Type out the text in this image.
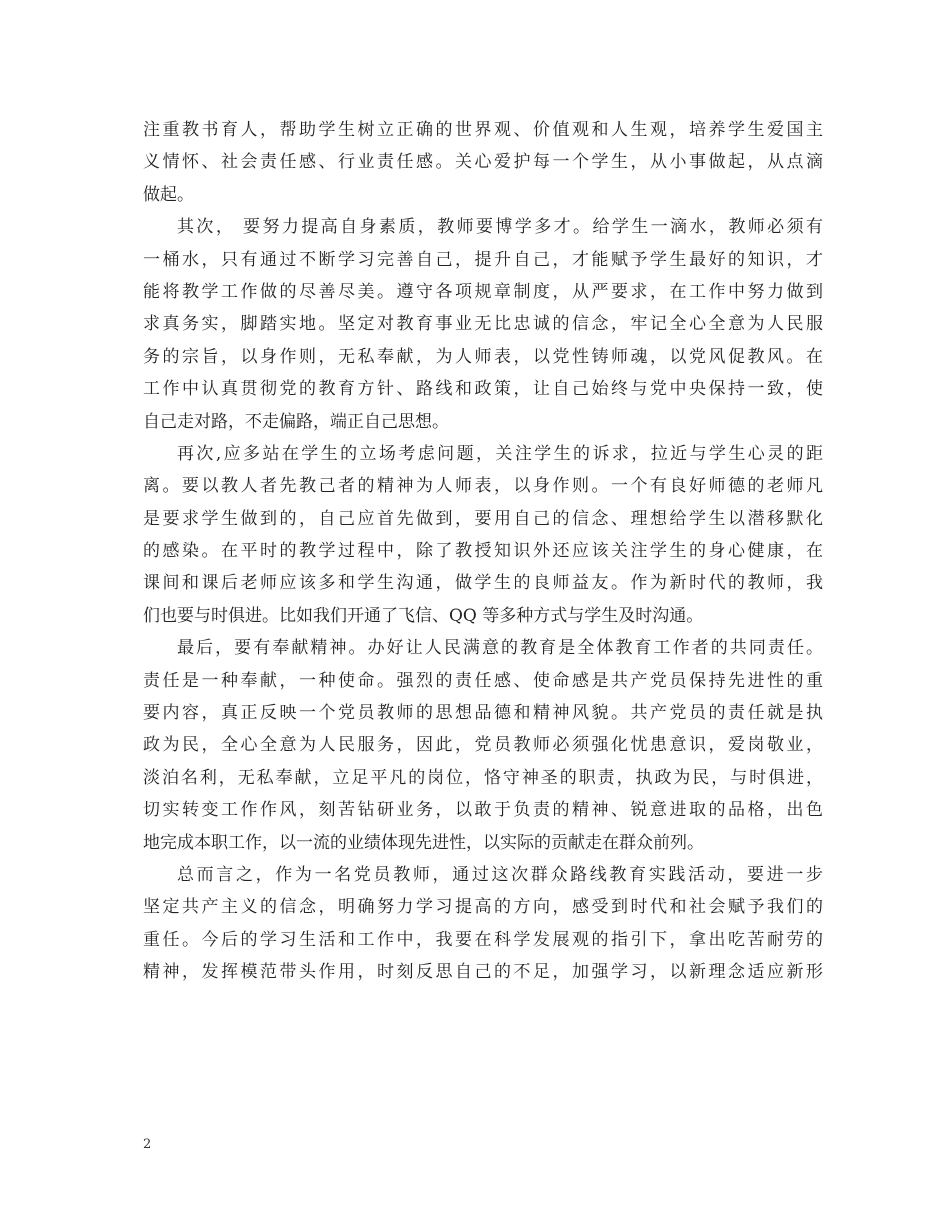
注重教书育人，帮助学生树立正确的世界观、价值观和人生观，培养学生爱国主
义情怀、社会责任感、行业责任感。关心爱护每一个学生，从小事做起，从点滴
做起。
其次， 要努力提高自身素质，教师要博学多才。给学生一滴水，教师必须有
一桶水，只有通过不断学习完善自己，提升自己，才能赋予学生最好的知识，才
能将教学工作做的尽善尽美。遵守各项规章制度，从严要求，在工作中努力做到
求真务实，脚踏实地。坚定对教育事业无比忠诚的信念，牢记全心全意为人民服
务的宗旨，以身作则，无私奉献，为人师表，以党性铸师魂，以党风促教风。在
工作中认真贯彻党的教育方针、路线和政策，让自己始终与党中央保持一致，使
自己走对路，不走偏路，端正自己思想。
再次,应多站在学生的立场考虑问题，关注学生的诉求，拉近与学生心灵的距
离。要以教人者先教己者的精神为人师表，以身作则。一个有良好师德的老师凡
是要求学生做到的，自己应首先做到，要用自己的信念、理想给学生以潜移默化
的感染。在平时的教学过程中，除了教授知识外还应该关注学生的身心健康，在
课间和课后老师应该多和学生沟通，做学生的良师益友。作为新时代的教师，我
们也要与时俱进。比如我们开通了飞信、QQ 等多种方式与学生及时沟通。
最后，要有奉献精神。办好让人民满意的教育是全体教育工作者的共同责任。
责任是一种奉献，一种使命。强烈的责任感、使命感是共产党员保持先进性的重
要内容，真正反映一个党员教师的思想品德和精神风貌。共产党员的责任就是执
政为民，全心全意为人民服务，因此，党员教师必须强化忧患意识，爱岗敬业，
淡泊名利，无私奉献，立足平凡的岗位，恪守神圣的职责，执政为民，与时俱进，
切实转变工作作风，刻苦钻研业务，以敢于负责的精神、锐意进取的品格，出色
地完成本职工作，以一流的业绩体现先进性，以实际的贡献走在群众前列。
总而言之，作为一名党员教师，通过这次群众路线教育实践活动，要进一步
坚定共产主义的信念，明确努力学习提高的方向，感受到时代和社会赋予我们的
重任。今后的学习生活和工作中，我要在科学发展观的指引下，拿出吃苦耐劳的
精神，发挥模范带头作用，时刻反思自己的不足，加强学习，以新理念适应新形
2
